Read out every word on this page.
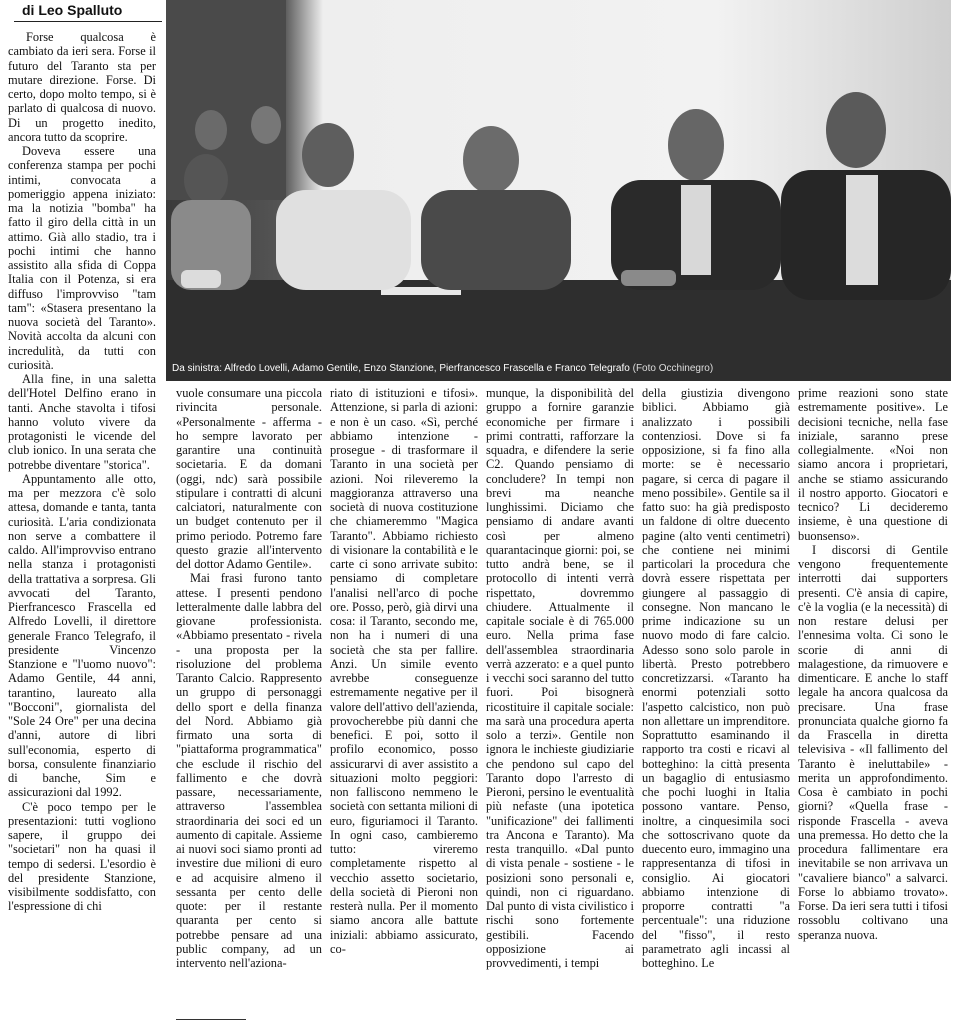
di Leo Spalluto

Forse qualcosa è cambiato da ieri sera. Forse il futuro del Taranto sta per mutare direzione. Forse. Di certo, dopo molto tempo, si è parlato di qualcosa di nuovo. Di un progetto inedito, ancora tutto da scoprire.

Doveva essere una conferenza stampa per pochi intimi, convocata a pomeriggio appena iniziato: ma la notizia "bomba" ha fatto il giro della città in un attimo. Già allo stadio, tra i pochi intimi che hanno assistito alla sfida di Coppa Italia con il Potenza, si era diffuso l'improvviso "tam tam": «Stasera presentano la nuova società del Taranto». Novità accolta da alcuni con incredulità, da tutti con curiosità.

Alla fine, in una saletta dell'Hotel Delfino erano in tanti. Anche stavolta i tifosi hanno voluto vivere da protagonisti le vicende del club ionico. In una serata che potrebbe diventare "storica".

Appuntamento alle otto, ma per mezzora c'è solo attesa, domande e tanta, tanta curiosità. L'aria condizionata non serve a combattere il caldo. All'improvviso entrano nella stanza i protagonisti della trattativa a sorpresa. Gli avvocati del Taranto, Pierfrancesco Frascella ed Alfredo Lovelli, il direttore generale Franco Telegrafo, il presidente Vincenzo Stanzione e "l'uomo nuovo": Adamo Gentile, 44 anni, tarantino, laureato alla "Bocconi", giornalista del "Sole 24 Ore" per una decina d'anni, autore di libri sull'economia, esperto di borsa, consulente finanziario di banche, Sim e assicurazioni dal 1992.

C'è poco tempo per le presentazioni: tutti vogliono sapere, il gruppo dei "societari" non ha quasi il tempo di sedersi. L'esordio è del presidente Stanzione, visibilmente soddisfatto, con l'espressione di chi

Da sinistra: Alfredo Lovelli, Adamo Gentile, Enzo Stanzione, Pierfrancesco Frascella e Franco Telegrafo (Foto Occhinegro)

vuole consumare una piccola rivincita personale. «Personalmente - afferma - ho sempre lavorato per garantire una continuità societaria. E da domani (oggi, ndc) sarà possibile stipulare i contratti di alcuni calciatori, naturalmente con un budget contenuto per il primo periodo. Potremo fare questo grazie all'intervento del dottor Adamo Gentile».

Mai frasi furono tanto attese. I presenti pendono letteralmente dalle labbra del giovane professionista. «Abbiamo presentato - rivela - una proposta per la risoluzione del problema Taranto Calcio. Rappresento un gruppo di personaggi dello sport e della finanza del Nord. Abbiamo già firmato una sorta di "piattaforma programmatica" che esclude il rischio del fallimento e che dovrà passare, necessariamente, attraverso l'assemblea straordinaria dei soci ed un aumento di capitale. Assieme ai nuovi soci siamo pronti ad investire due milioni di euro e ad acquisire almeno il sessanta per cento delle quote: per il restante quaranta per cento si potrebbe pensare ad una public company, ad un intervento nell'aziona-

riato di istituzioni e tifosi». Attenzione, si parla di azioni: e non è un caso. «Sì, perché abbiamo intenzione - prosegue - di trasformare il Taranto in una società per azioni. Noi rileveremo la maggioranza attraverso una società di nuova costituzione che chiameremmo "Magica Taranto". Abbiamo richiesto di visionare la contabilità e le carte ci sono arrivate subito: pensiamo di completare l'analisi nell'arco di poche ore. Posso, però, già dirvi una cosa: il Taranto, secondo me, non ha i numeri di una società che sta per fallire. Anzi. Un simile evento avrebbe conseguenze estremamente negative per il valore dell'attivo dell'azienda, provocherebbe più danni che benefici. E poi, sotto il profilo economico, posso assicurarvi di aver assistito a situazioni molto peggiori: non falliscono nemmeno le società con settanta milioni di euro, figuriamoci il Taranto. In ogni caso, cambieremo tutto: vireremo completamente rispetto al vecchio assetto societario, della società di Pieroni non resterà nulla. Per il momento siamo ancora alle battute iniziali: abbiamo assicurato, co-

munque, la disponibilità del gruppo a fornire garanzie economiche per firmare i primi contratti, rafforzare la squadra, e difendere la serie C2. Quando pensiamo di concludere? In tempi non brevi ma neanche lunghissimi. Diciamo che pensiamo di andare avanti così per almeno quarantacinque giorni: poi, se tutto andrà bene, se il protocollo di intenti verrà rispettato, dovremmo chiudere. Attualmente il capitale sociale è di 765.000 euro. Nella prima fase dell'assemblea straordinaria verrà azzerato: e a quel punto i vecchi soci saranno del tutto fuori. Poi bisognerà ricostituire il capitale sociale: ma sarà una procedura aperta solo a terzi». Gentile non ignora le inchieste giudiziarie che pendono sul capo del Taranto dopo l'arresto di Pieroni, persino le eventualità più nefaste (una ipotetica "unificazione" dei fallimenti tra Ancona e Taranto). Ma resta tranquillo. «Dal punto di vista penale - sostiene - le posizioni sono personali e, quindi, non ci riguardano. Dal punto di vista civilistico i rischi sono fortemente gestibili. Facendo opposizione ai provvedimenti, i tempi

della giustizia divengono biblici. Abbiamo già analizzato i possibili contenziosi. Dove si fa opposizione, si fa fino alla morte: se è necessario pagare, si cerca di pagare il meno possibile». Gentile sa il fatto suo: ha già predisposto un faldone di oltre duecento pagine (alto venti centimetri) che contiene nei minimi particolari la procedura che dovrà essere rispettata per giungere al passaggio di consegne. Non mancano le prime indicazione su un nuovo modo di fare calcio. Adesso sono solo parole in libertà. Presto potrebbero concretizzarsi. «Taranto ha enormi potenziali sotto l'aspetto calcistico, non può non allettare un imprenditore. Soprattutto esaminando il rapporto tra costi e ricavi al botteghino: la città presenta un bagaglio di entusiasmo che pochi luoghi in Italia possono vantare. Penso, inoltre, a cinquesimila soci che sottoscrivano quote da duecento euro, immagino una rappresentanza di tifosi in consiglio. Ai giocatori abbiamo intenzione di proporre contratti "a percentuale": una riduzione del "fisso", il resto parametrato agli incassi al botteghino. Le

prime reazioni sono state estremamente positive». Le decisioni tecniche, nella fase iniziale, saranno prese collegialmente. «Noi non siamo ancora i proprietari, anche se stiamo assicurando il nostro apporto. Giocatori e tecnico? Li decideremo insieme, è una questione di buonsenso».

I discorsi di Gentile vengono frequentemente interrotti dai supporters presenti. C'è ansia di capire, c'è la voglia (e la necessità) di non restare delusi per l'ennesima volta. Ci sono le scorie di anni di malagestione, da rimuovere e dimenticare. E anche lo staff legale ha ancora qualcosa da precisare. Una frase pronunciata qualche giorno fa da Frascella in diretta televisiva - «Il fallimento del Taranto è ineluttabile» - merita un approfondimento. Cosa è cambiato in pochi giorni? «Quella frase - risponde Frascella - aveva una premessa. Ho detto che la procedura fallimentare era inevitabile se non arrivava un "cavaliere bianco" a salvarci. Forse lo abbiamo trovato». Forse. Da ieri sera tutti i tifosi rossoblu coltivano una speranza nuova.
